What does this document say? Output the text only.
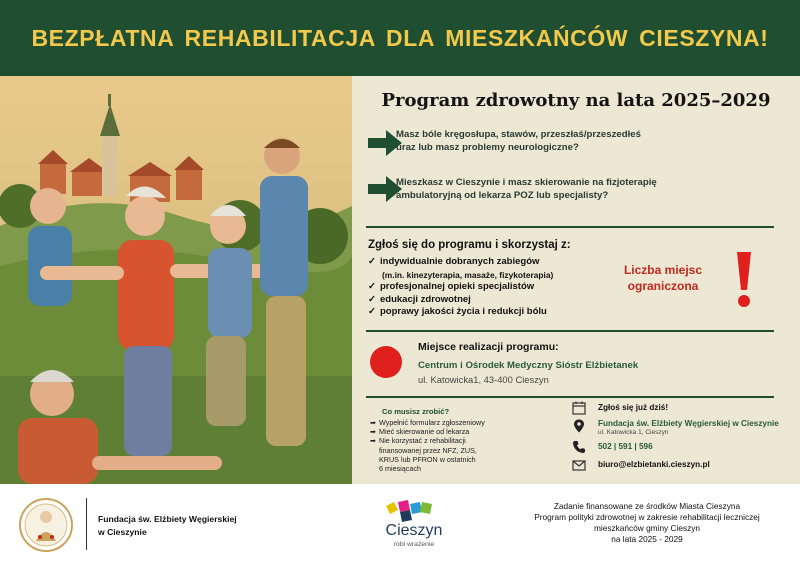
BEZPŁATNA REHABILITACJA DLA MIESZKAŃCÓW CIESZYNA!
Program zdrowotny na lata 2025–2029
Masz bóle kręgosłupa, stawów, przeszłaś/przeszedłeś
uraz lub masz problemy neurologiczne?
Mieszkasz w Cieszynie i masz skierowanie na fizjoterapię
ambulatoryjną od lekarza POZ lub specjalisty?
Zgłoś się do programu i skorzystaj z:
✓ indywidualnie dobranych zabiegów
(m.in. kinezyterapia, masaże, fizykoterapia)
✓ profesjonalnej opieki specjalistów
✓ edukacji zdrowotnej
✓ poprawy jakości życia i redukcji bólu
Liczba miejsc
ograniczona
Miejsce realizacji programu:
Centrum i Ośrodek Medyczny Sióstr Elżbietanek
ul. Katowicka1, 43-400 Cieszyn
Co musisz zrobić?
➡ Wypełnić formularz zgłoszeniowy
➡ Mieć skierowanie od lekarza
➡ Nie korzystać z rehabilitacji
finansowanej przez NFZ, ZUS,
KRUS lub PFRON w ostatnich
6 miesiącach
Zgłoś się już dziś!
Fundacja św. Elżbiety Węgierskiej w Cieszynie
ul. Katowicka 1, Cieszyn
502 | 591 | 596
biuro@elzbietanki.cieszyn.pl
Fundacja św. Elżbiety Węgierskiej
w Cieszynie	Cieszyn
robi wrażenie
Zadanie finansowane ze środków Miasta Cieszyna
Program polityki zdrowotnej w zakresie rehabilitacji leczniczej
mieszkańców gminy Cieszyn
na lata 2025 - 2029
